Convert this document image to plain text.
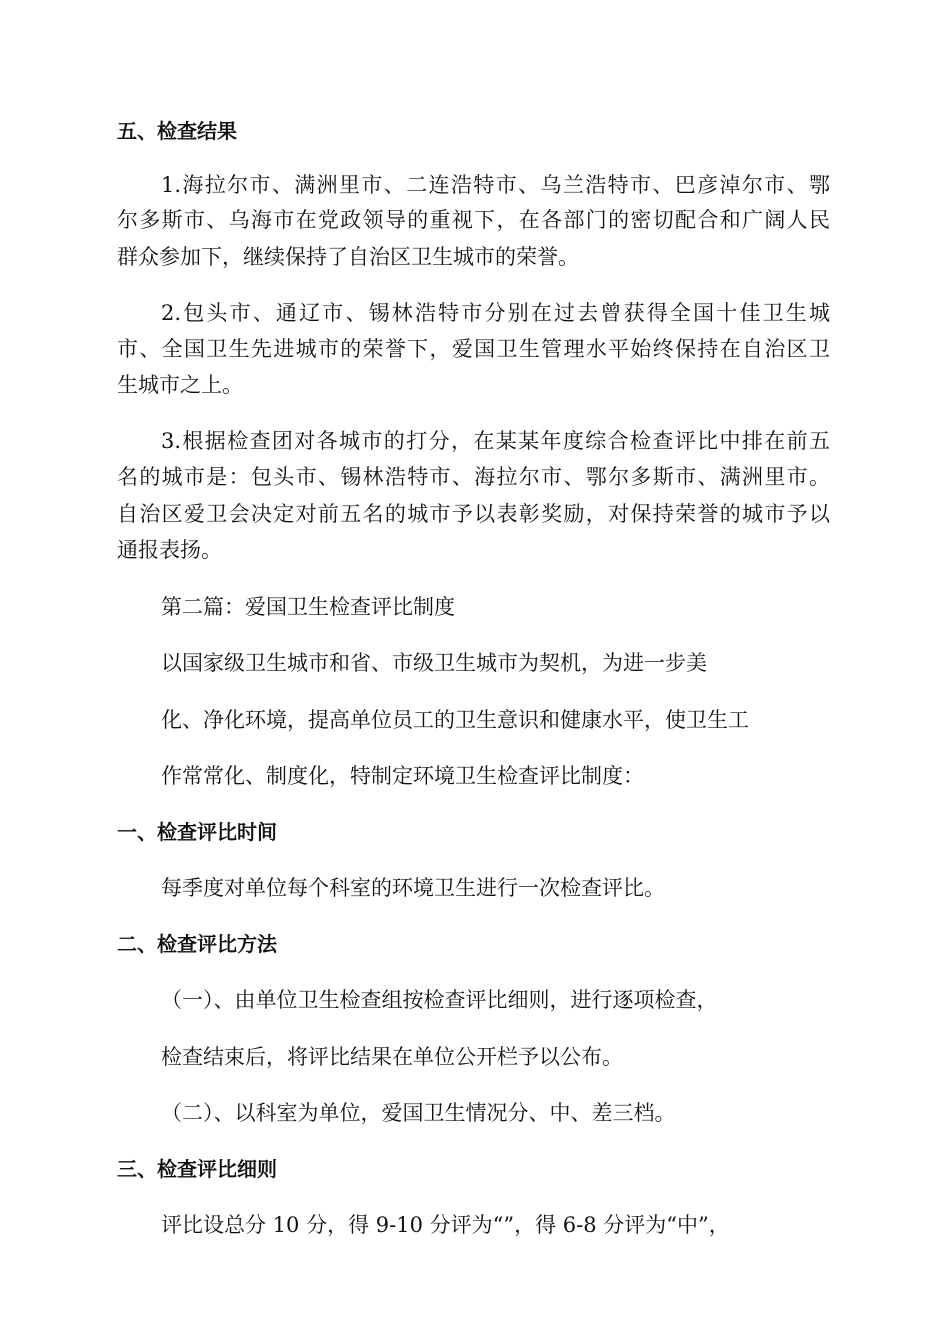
五、检查结果
1.海拉尔市、满洲里市、二连浩特市、乌兰浩特市、巴彦淖尔市、鄂
尔多斯市、乌海市在党政领导的重视下，在各部门的密切配合和广阔人民
群众参加下，继续保持了自治区卫生城市的荣誉。
2.包头市、通辽市、锡林浩特市分别在过去曾获得全国十佳卫生城
市、全国卫生先进城市的荣誉下，爱国卫生管理水平始终保持在自治区卫
生城市之上。
3.根据检查团对各城市的打分，在某某年度综合检查评比中排在前五
名的城市是：包头市、锡林浩特市、海拉尔市、鄂尔多斯市、满洲里市。
自治区爱卫会决定对前五名的城市予以表彰奖励，对保持荣誉的城市予以
通报表扬。
第二篇：爱国卫生检查评比制度
以国家级卫生城市和省、市级卫生城市为契机，为进一步美
化、净化环境，提高单位员工的卫生意识和健康水平，使卫生工
作常常化、制度化，特制定环境卫生检查评比制度：
一、检查评比时间
每季度对单位每个科室的环境卫生进行一次检查评比。
二、检查评比方法
（一）、由单位卫生检查组按检查评比细则，进行逐项检查，
检查结束后，将评比结果在单位公开栏予以公布。
（二）、以科室为单位，爱国卫生情况分、中、差三档。
三、检查评比细则
评比设总分 10 分，得 9-10 分评为“”，得 6-8 分评为“中”，
